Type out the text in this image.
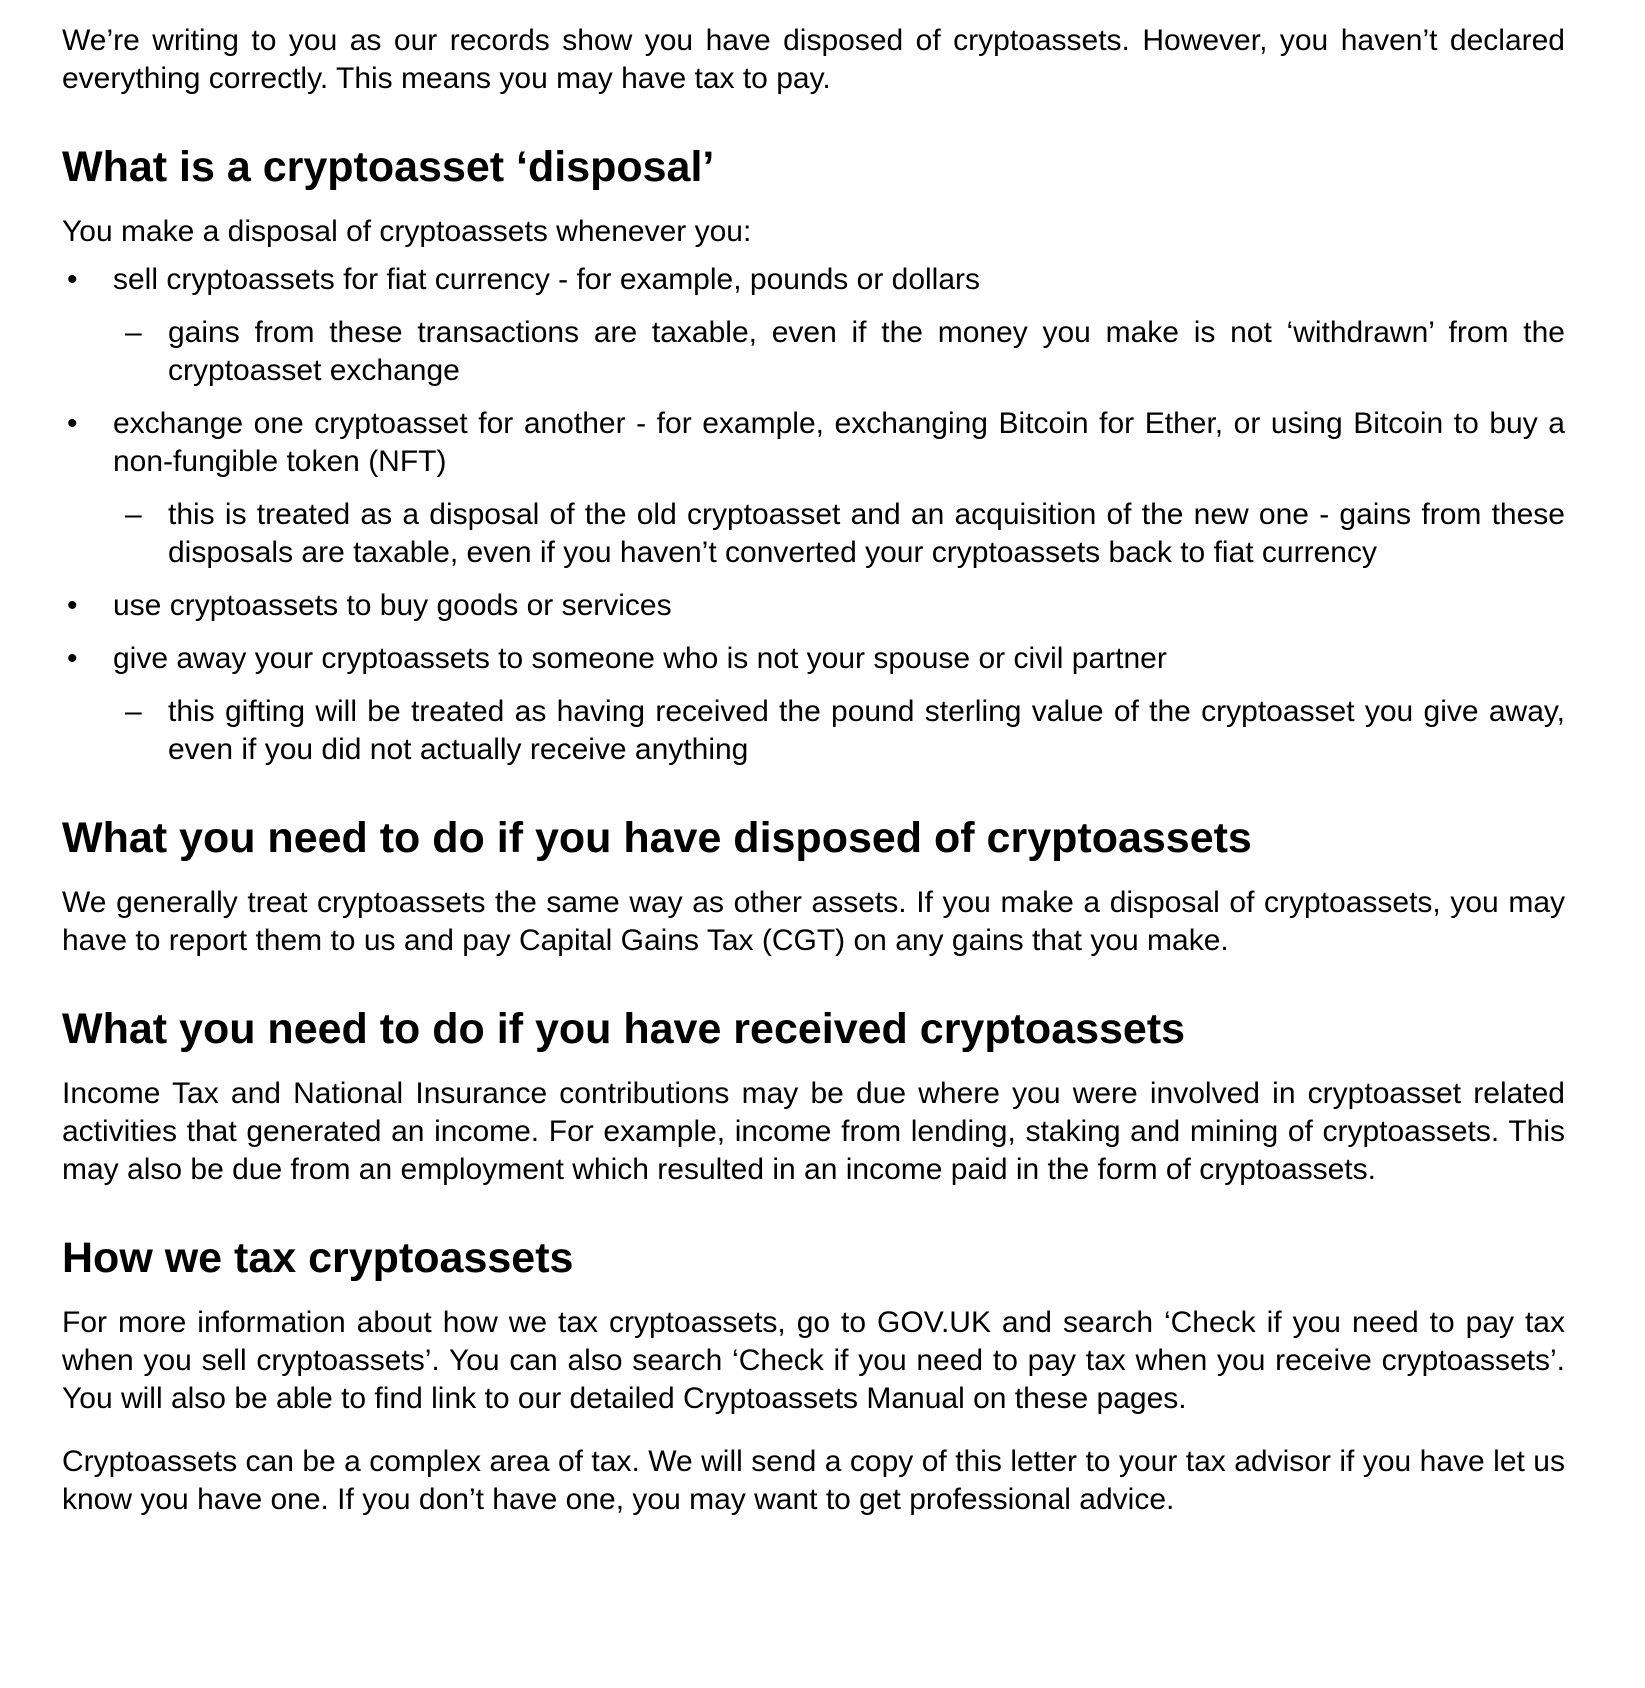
We’re writing to you as our records show you have disposed of cryptoassets. However, you haven’t declared everything correctly. This means you may have tax to pay.

What is a cryptoasset ‘disposal’

You make a disposal of cryptoassets whenever you:

•	sell cryptoassets for fiat currency - for example, pounds or dollars
– gains from these transactions are taxable, even if the money you make is not ‘withdrawn’ from the cryptoasset exchange
•	exchange one cryptoasset for another - for example, exchanging Bitcoin for Ether, or using Bitcoin to buy a non-fungible token (NFT)
– this is treated as a disposal of the old cryptoasset and an acquisition of the new one - gains from these disposals are taxable, even if you haven’t converted your cryptoassets back to fiat currency
•	use cryptoassets to buy goods or services
•	give away your cryptoassets to someone who is not your spouse or civil partner
– this gifting will be treated as having received the pound sterling value of the cryptoasset you give away, even if you did not actually receive anything
What you need to do if you have disposed of cryptoassets

We generally treat cryptoassets the same way as other assets. If you make a disposal of cryptoassets, you may have to report them to us and pay Capital Gains Tax (CGT) on any gains that you make.

What you need to do if you have received cryptoassets

Income Tax and National Insurance contributions may be due where you were involved in cryptoasset related activities that generated an income. For example, income from lending, staking and mining of cryptoassets. This may also be due from an employment which resulted in an income paid in the form of cryptoassets.

How we tax cryptoassets

For more information about how we tax cryptoassets, go to GOV.UK and search ‘Check if you need to pay tax when you sell cryptoassets’. You can also search ‘Check if you need to pay tax when you receive cryptoassets’. You will also be able to find link to our detailed Cryptoassets Manual on these pages.

Cryptoassets can be a complex area of tax. We will send a copy of this letter to your tax advisor if you have let us know you have one. If you don’t have one, you may want to get professional advice.
